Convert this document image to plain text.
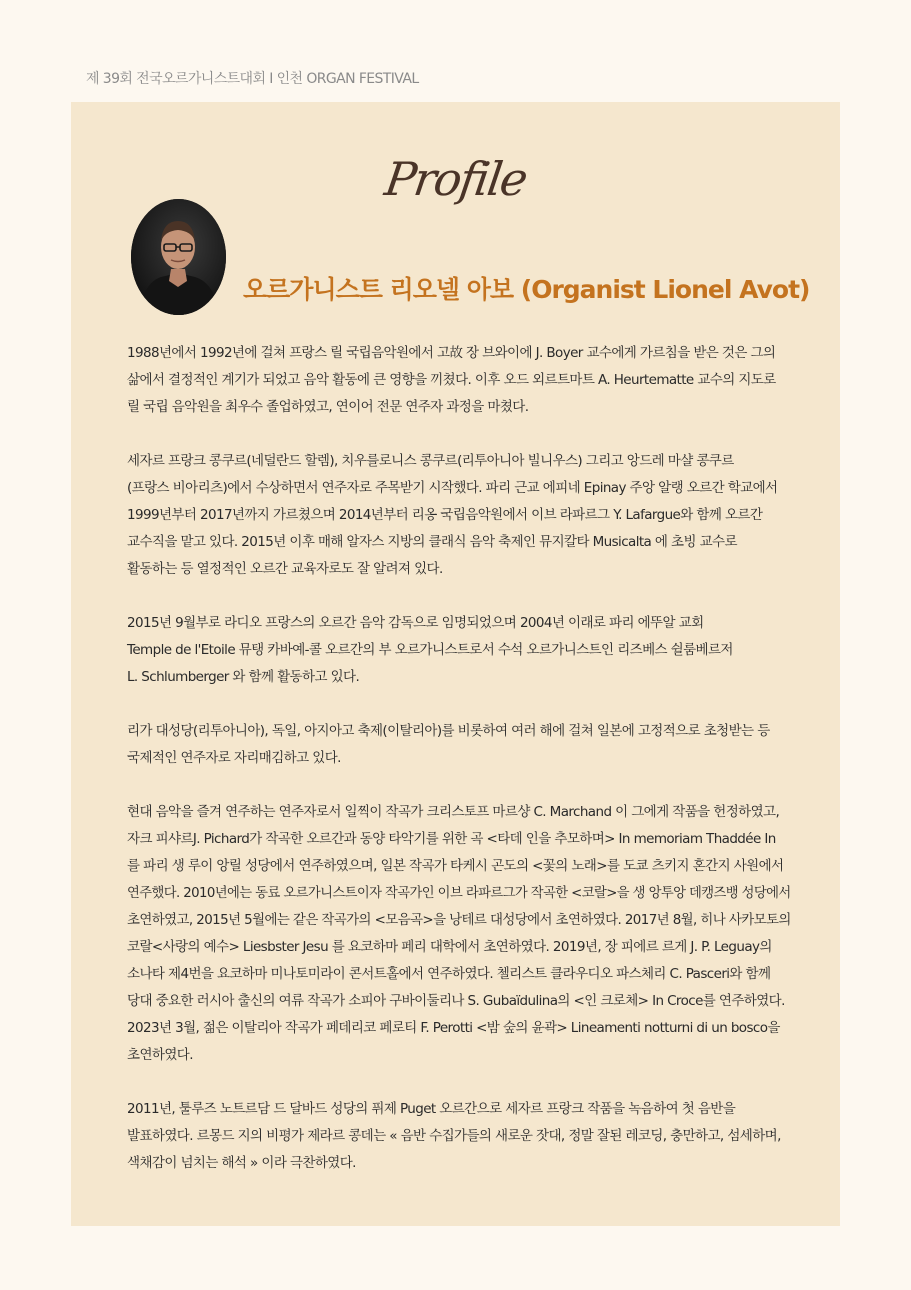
제 39회 전국오르가니스트대회 I 인천 ORGAN FESTIVAL
Profile
오르가니스트 리오넬 아보 (Organist Lionel Avot)
1988년에서 1992년에 걸쳐 프랑스 릴 국립음악원에서 고故 장 브와이에 J. Boyer 교수에게 가르침을 받은 것은 그의
삶에서 결정적인 계기가 되었고 음악 활동에 큰 영향을 끼쳤다. 이후 오드 외르트마트 A. Heurtematte 교수의 지도로
릴 국립 음악원을 최우수 졸업하였고, 연이어 전문 연주자 과정을 마쳤다.
세자르 프랑크 콩쿠르(네덜란드 할렘), 치우를로니스 콩쿠르(리투아니아 빌니우스) 그리고 앙드레 마샬 콩쿠르
(프랑스 비아리츠)에서 수상하면서 연주자로 주목받기 시작했다. 파리 근교 에피네 Epinay 주앙 알랭 오르간 학교에서
1999년부터 2017년까지 가르쳤으며 2014년부터 리옹 국립음악원에서 이브 라파르그 Y. Lafargue와 함께 오르간
교수직을 맡고 있다. 2015년 이후 매해 알자스 지방의 클래식 음악 축제인 뮤지칼타 Musicalta 에 초빙 교수로
활동하는 등 열정적인 오르간 교육자로도 잘 알려져 있다.
2015년 9월부로 라디오 프랑스의 오르간 음악 감독으로 임명되었으며 2004년 이래로 파리 에뚜알 교회
Temple de l'Etoile 뮤탱 카바예-콜 오르간의 부 오르가니스트로서 수석 오르가니스트인 리즈베스 쉴룸베르저
L. Schlumberger 와 함께 활동하고 있다.
리가 대성당(리투아니아), 독일, 아지아고 축제(이탈리아)를 비롯하여 여러 해에 걸쳐 일본에 고정적으로 초청받는 등
국제적인 연주자로 자리매김하고 있다.
현대 음악을 즐겨 연주하는 연주자로서 일찍이 작곡가 크리스토프 마르샹 C. Marchand 이 그에게 작품을 헌정하였고,
자크 피샤르J. Pichard가 작곡한 오르간과 동양 타악기를 위한 곡 <타데 인을 추모하며> In memoriam Thaddée In
를 파리 생 루이 앙릴 성당에서 연주하였으며, 일본 작곡가 타케시 곤도의 <꽃의 노래>를 도쿄 츠키지 혼간지 사원에서
연주했다. 2010년에는 동료 오르가니스트이자 작곡가인 이브 라파르그가 작곡한 <코랄>을 생 앙투앙 데캥즈뱅 성당에서
초연하였고, 2015년 5월에는 같은 작곡가의 <모음곡>을 낭테르 대성당에서 초연하였다. 2017년 8월, 히나 사카모토의
코랄<사랑의 예수> Liesbster Jesu 를 요코하마 페리 대학에서 초연하였다. 2019년, 장 피에르 르게 J. P. Leguay의
소나타 제4번을 요코하마 미나토미라이 콘서트홀에서 연주하였다. 첼리스트 클라우디오 파스체리 C. Pasceri와 함께
당대 중요한 러시아 출신의 여류 작곡가 소피아 구바이둘리나 S. Gubaïdulina의 <인 크로체> In Croce를 연주하였다.
2023년 3월, 젊은 이탈리아 작곡가 페데리코 페로티 F. Perotti <밤 숲의 윤곽> Lineamenti notturni di un bosco을
초연하였다.
2011년, 툴루즈 노트르담 드 달바드 성당의 퓌제 Puget 오르간으로 세자르 프랑크 작품을 녹음하여 첫 음반을
발표하였다. 르몽드 지의 비평가 제라르 콩데는 « 음반 수집가들의 새로운 잣대, 정말 잘된 레코딩, 충만하고, 섬세하며,
색채감이 넘치는 해석 » 이라 극찬하였다.
